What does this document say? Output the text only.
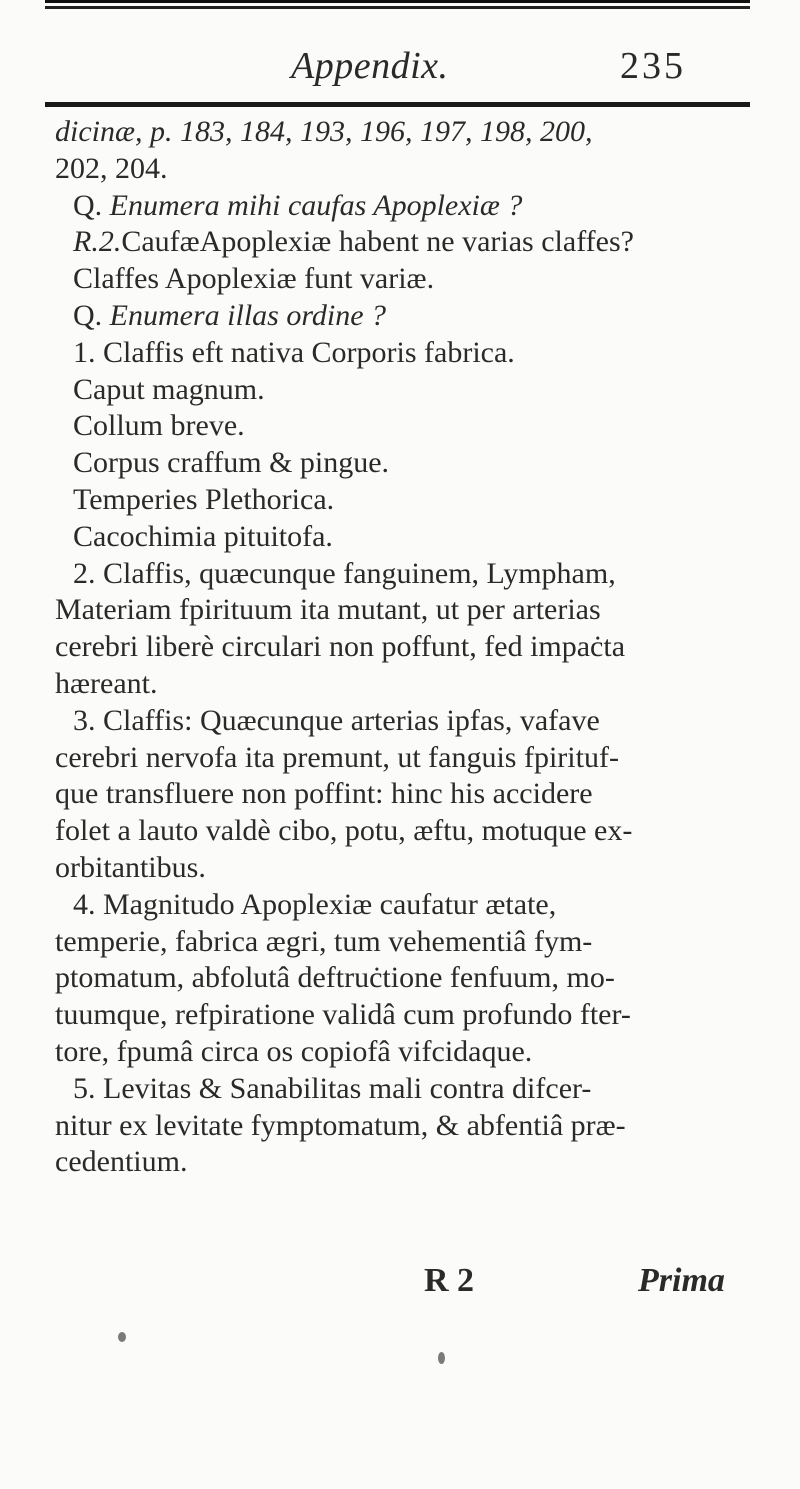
Appendix.	235
dicinæ, p. 183, 184, 193, 196, 197, 198, 200,
202, 204.
Q. Enumera mihi caufas Apoplexiæ ?
R.2.CaufæApoplexiæ habent ne varias claffes?
Claffes Apoplexiæ funt variæ.
Q. Enumera illas ordine ?
1. Claffis eft nativa Corporis fabrica.
Caput magnum.
Collum breve.
Corpus craffum & pingue.
Temperies Plethorica.
Cacochimia pituitofa.
2. Claffis, quæcunque fanguinem, Lympham,
Materiam fpirituum ita mutant, ut per arterias
cerebri liberè circulari non poffunt, fed impaċta
hæreant.
3. Claffis: Quæcunque arterias ipfas, vafave
cerebri nervofa ita premunt, ut fanguis fpirituf-
que transfluere non poffint: hinc his accidere
folet a lauto valdè cibo, potu, æftu, motuque ex-
orbitantibus.
4. Magnitudo Apoplexiæ caufatur ætate,
temperie, fabrica ægri, tum vehementiâ fym-
ptomatum, abfolutâ deftruċtione fenfuum, mo-
tuumque, refpiratione validâ cum profundo fter-
tore, fpumâ circa os copiofâ vifcidaque.
5. Levitas & Sanabilitas mali contra difcer-
nitur ex levitate fymptomatum, & abfentiâ præ-
cedentium.
R 2	Prima
